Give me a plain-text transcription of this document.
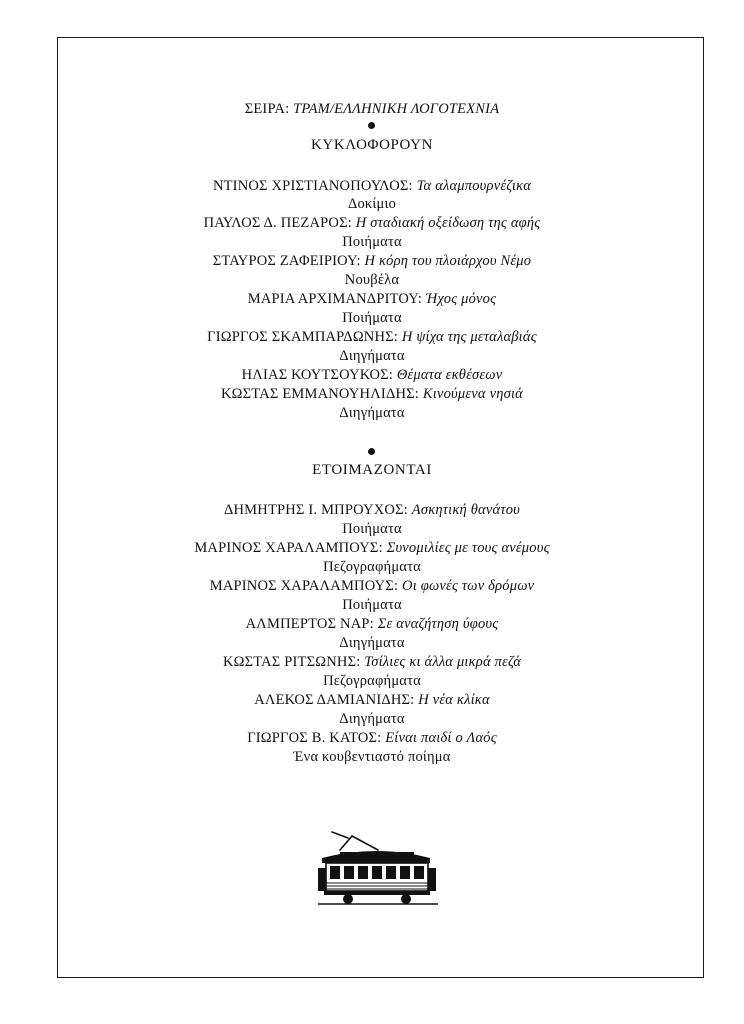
ΣΕΙΡΑ: ΤΡΑΜ/ΕΛΛΗΝΙΚΗ ΛΟΓΟΤΕΧΝΙΑ
ΚΥΚΛΟΦΟΡΟΥΝ
ΝΤΙΝΟΣ ΧΡΙΣΤΙΑΝΟΠΟΥΛΟΣ: Τα αλαμπουρνέζικα
Δοκίμιο
ΠΑΥΛΟΣ Δ. ΠΕΖΑΡΟΣ: Η σταδιακή οξείδωση της αφής
Ποιήματα
ΣΤΑΥΡΟΣ ΖΑΦΕΙΡΙΟΥ: Η κόρη του πλοιάρχου Νέμο
Νουβέλα
ΜΑΡΙΑ ΑΡΧΙΜΑΝΔΡΙΤΟΥ: Ήχος μόνος
Ποιήματα
ΓΙΩΡΓΟΣ ΣΚΑΜΠΑΡΔΩΝΗΣ: Η ψίχα της μεταλαβιάς
Διηγήματα
ΗΛΙΑΣ ΚΟΥΤΣΟΥΚΟΣ: Θέματα εκθέσεων
ΚΩΣΤΑΣ ΕΜΜΑΝΟΥΗΛΙΔΗΣ: Κινούμενα νησιά
Διηγήματα
ΕΤΟΙΜΑΖΟΝΤΑΙ
ΔΗΜΗΤΡΗΣ Ι. ΜΠΡΟΥΧΟΣ: Ασκητική θανάτου
Ποιήματα
ΜΑΡΙΝΟΣ ΧΑΡΑΛΑΜΠΟΥΣ: Συνομιλίες με τους ανέμους
Πεζογραφήματα
ΜΑΡΙΝΟΣ ΧΑΡΑΛΑΜΠΟΥΣ: Οι φωνές των δρόμων
Ποιήματα
ΑΛΜΠΕΡΤΟΣ ΝΑΡ: Σε αναζήτηση ύφους
Διηγήματα
ΚΩΣΤΑΣ ΡΙΤΣΩΝΗΣ: Τσίλιες κι άλλα μικρά πεζά
Πεζογραφήματα
ΑΛΕΚΟΣ ΔΑΜΙΑΝΙΔΗΣ: Η νέα κλίκα
Διηγήματα
ΓΙΩΡΓΟΣ Β. ΚΑΤΟΣ: Είναι παιδί ο Λαός
Ένα κουβεντιαστό ποίημα
